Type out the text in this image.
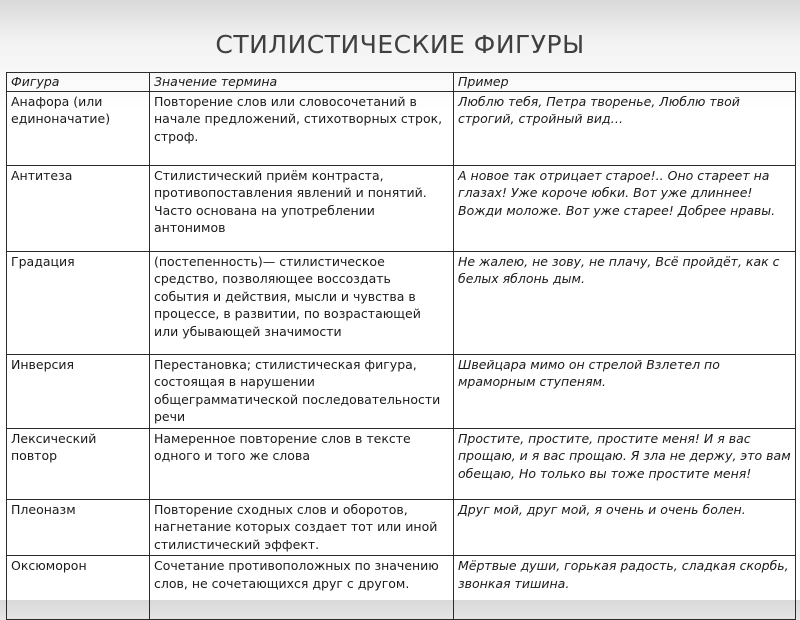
СТИЛИСТИЧЕСКИЕ ФИГУРЫ
Фигура	Значение термина	Пример
Анафора (или единоначатие)	Повторение слов или словосочетаний в начале предложений, стихотворных строк, строф.	Люблю тебя, Петра творенье, Люблю твой строгий, стройный вид…
Антитеза	Стилистический приём контраста, противопоставления явлений и понятий. Часто основана на употреблении антонимов	А новое так отрицает старое!.. Оно стареет на глазах! Уже короче юбки. Вот уже длиннее! Вожди моложе. Вот уже старее! Добрее нравы.
Градация	(постепенность)— стилистическое средство, позволяющее воссоздать события и действия, мысли и чувства в процессе, в развитии, по возрастающей или убывающей значимости	Не жалею, не зову, не плачу, Всё пройдёт, как с белых яблонь дым.
Инверсия	Перестановка; стилистическая фигура, состоящая в нарушении общеграмматической последовательности речи	Швейцара мимо он стрелой Взлетел по мраморным ступеням.
Лексический повтор	Намеренное повторение слов в тексте одного и того же слова	Простите, простите, простите меня! И я вас прощаю, и я вас прощаю. Я зла не держу, это вам обещаю, Но только вы тоже простите меня!
Плеоназм	Повторение сходных слов и оборотов, нагнетание которых создает тот или иной стилистический эффект.	Друг мой, друг мой, я очень и очень болен.
Оксюморон	Сочетание противоположных по значению слов, не сочетающихся друг с другом.	Мёртвые души, горькая радость, сладкая скорбь, звонкая тишина.
